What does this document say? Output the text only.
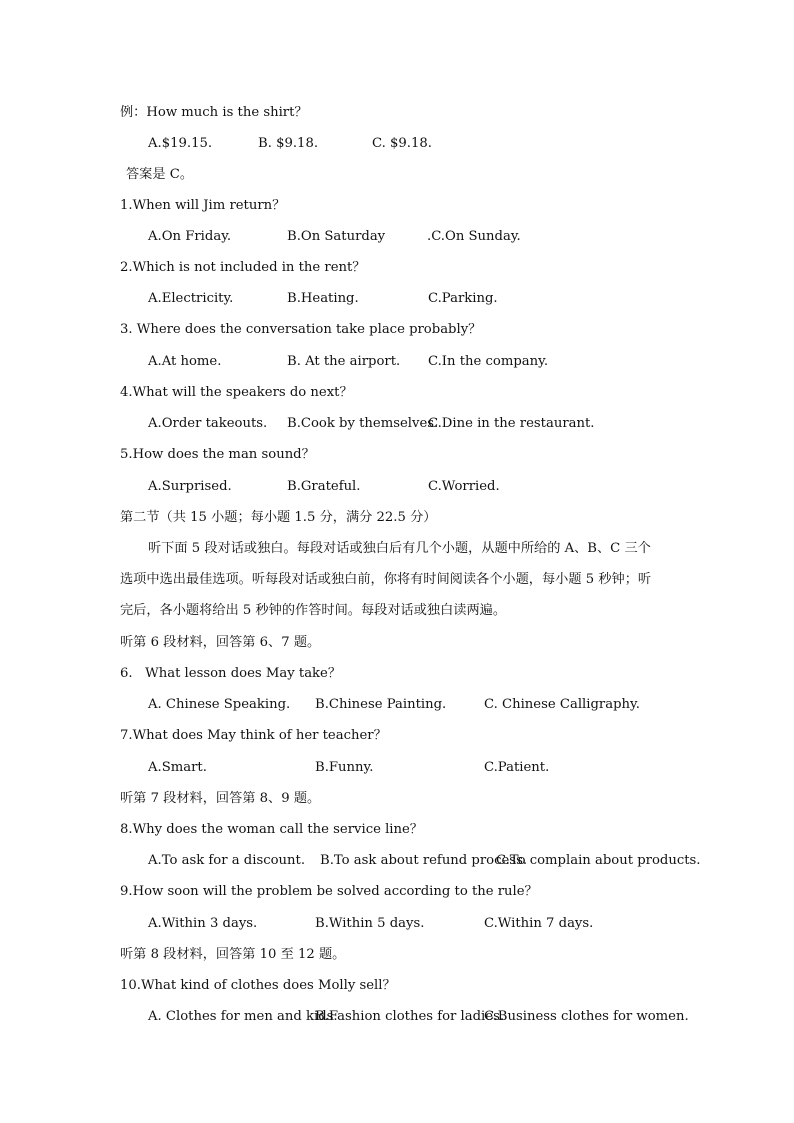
例：How much is the shirt？
A.$19.15.	B. $9.18.	C. $9.18.
答案是 C。
1.When will Jim return？
A.On Friday.	B.On Saturday	.C.On Sunday.
2.Which is not included in the rent？
A.Electricity.	B.Heating.	C.Parking.
3. Where does the conversation take place probably？
A.At home.	B. At the airport. C.In the company.
4.What will the speakers do next？
A.Order takeouts. B.Cook by themselves.
C.Dine in the restaurant.
5.How does the man sound？
A.Surprised.	B.Grateful.	C.Worried.
第二节（共 15 小题；每小题 1.5 分，满分 22.5 分）
听下面 5 段对话或独白。每段对话或独白后有几个小题，从题中所给的 A、B、C 三个
选项中选出最佳选项。听每段对话或独白前，你将有时间阅读各个小题，每小题 5 秒钟；听
完后，各小题将给出 5 秒钟的作答时间。每段对话或独白读两遍。
听第 6 段材料，回答第 6、7 题。
6.   What lesson does May take？
A. Chinese Speaking. B.Chinese Painting.	C. Chinese Calligraphy.
7.What does May think of her teacher？
A.Smart.	B.Funny.	C.Patient.
听第 7 段材料，回答第 8、9 题。
8.Why does the woman call the service line？
A.To ask for a discount. B.To ask about refund process.
C.To complain about products.
9.How soon will the problem be solved according to the rule？
A.Within 3 days.	B.Within 5 days.	C.Within 7 days.
听第 8 段材料，回答第 10 至 12 题。
10.What kind of clothes does Molly sell？
A. Clothes for men and kids.
B.Fashion clothes for ladies.
C.Business clothes for women.
